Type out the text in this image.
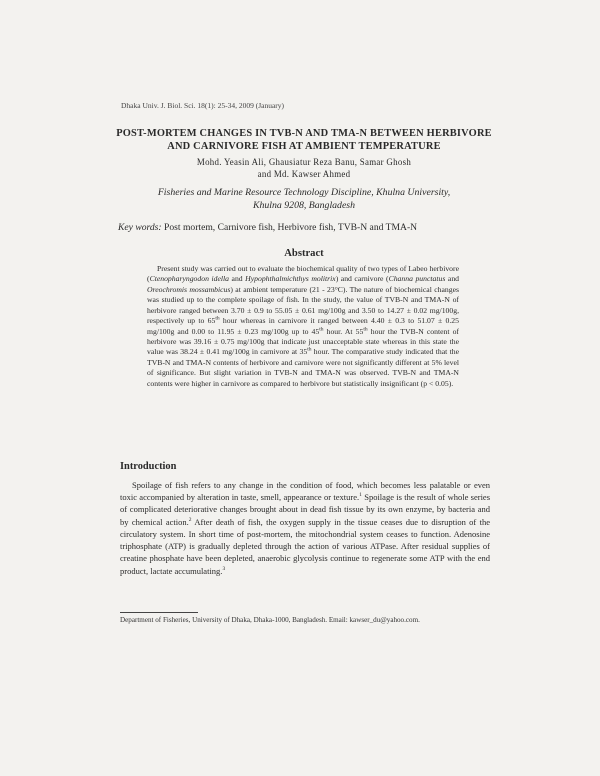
Dhaka Univ. J. Biol. Sci. 18(1): 25-34, 2009 (January)
POST-MORTEM CHANGES IN TVB-N AND TMA-N BETWEEN HERBIVORE AND CARNIVORE FISH AT AMBIENT TEMPERATURE
Mohd. Yeasin Ali, Ghausiatur Reza Banu, Samar Ghosh
and Md. Kawser Ahmed
Fisheries and Marine Resource Technology Discipline, Khulna University,
Khulna 9208, Bangladesh
Key words: Post mortem, Carnivore fish, Herbivore fish, TVB-N and TMA-N
Abstract
Present study was carried out to evaluate the biochemical quality of two types of Labeo herbivore (Ctenopharyngodon idella and Hypophthalmichthys molitrix) and carnivore (Channa punctatus and Oreochromis mossambicus) at ambient temperature (21 - 23°C). The nature of biochemical changes was studied up to the complete spoilage of fish. In the study, the value of TVB-N and TMA-N of herbivore ranged between 3.70 ± 0.9 to 55.05 ± 0.61 mg/100g and 3.50 to 14.27 ± 0.02 mg/100g, respectively up to 65th hour whereas in carnivore it ranged between 4.40 ± 0.3 to 51.07 ± 0.25 mg/100g and 0.00 to 11.95 ± 0.23 mg/100g up to 45th hour. At 55th hour the TVB-N content of herbivore was 39.16 ± 0.75 mg/100g that indicate just unacceptable state whereas in this state the value was 38.24 ± 0.41 mg/100g in carnivore at 35th hour. The comparative study indicated that the TVB-N and TMA-N contents of herbivore and carnivore were not significantly different at 5% level of significance. But slight variation in TVB-N and TMA-N was observed. TVB-N and TMA-N contents were higher in carnivore as compared to herbivore but statistically insignificant (p < 0.05).
Introduction
Spoilage of fish refers to any change in the condition of food, which becomes less palatable or even toxic accompanied by alteration in taste, smell, appearance or texture.$^1$ Spoilage is the result of whole series of complicated deteriorative changes brought about in dead fish tissue by its own enzyme, by bacteria and by chemical action.$^2$ After death of fish, the oxygen supply in the tissue ceases due to disruption of the circulatory system. In short time of post-mortem, the mitochondrial system ceases to function. Adenosine triphosphate (ATP) is gradually depleted through the action of various ATPase. After residual supplies of creatine phosphate have been depleted, anaerobic glycolysis continue to regenerate some ATP with the end product, lactate accumulating.$^3$
Department of Fisheries, University of Dhaka, Dhaka-1000, Bangladesh. Email: kawser_du@yahoo.com.
